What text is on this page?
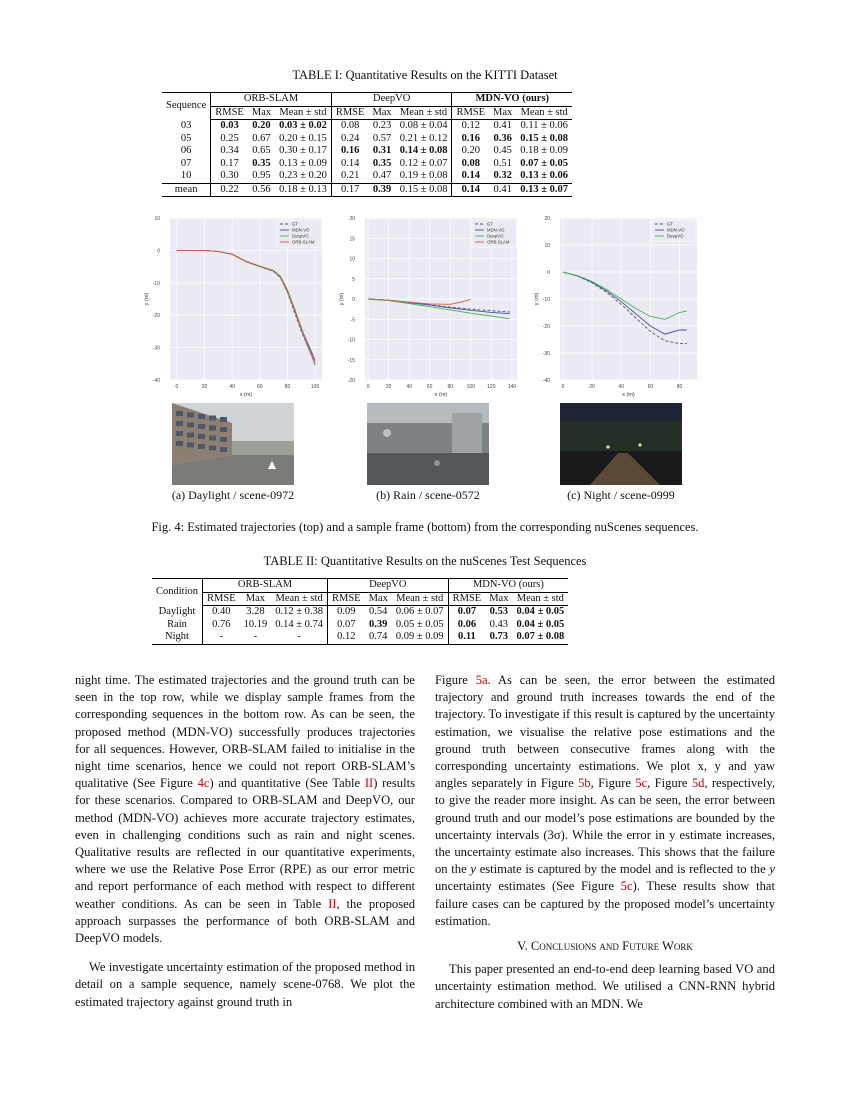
TABLE I: Quantitative Results on the KITTI Dataset
Sequence	ORB-SLAM			DeepVO			MDN-VO (ours)		
	RMSE	Max	Mean ± std	RMSE	Max	Mean ± std	RMSE	Max	Mean ± std
03	0.03	0.20	0.03 ± 0.02	0.08	0.23	0.08 ± 0.04	0.12	0.41	0.11 ± 0.06
05	0.25	0.67	0.20 ± 0.15	0.24	0.57	0.21 ± 0.12	0.16	0.36	0.15 ± 0.08
06	0.34	0.65	0.30 ± 0.17	0.16	0.31	0.14 ± 0.08	0.20	0.45	0.18 ± 0.09
07	0.17	0.35	0.13 ± 0.09	0.14	0.35	0.12 ± 0.07	0.08	0.51	0.07 ± 0.05
10	0.30	0.95	0.23 ± 0.20	0.21	0.47	0.19 ± 0.08	0.14	0.32	0.13 ± 0.06
mean	0.22	0.56	0.18 ± 0.13	0.17	0.39	0.15 ± 0.08	0.14	0.41	0.13 ± 0.07
0	20	40	60	80	100
10
0
-10
-20
-30
-40
x (m)
y (m)
GT
MDN-VO
DeepVO
ORB-SLAM
0	20	40	60	80	100 120 140
20
15
10
5
0
-5
-10
-15
-20
x (m)
y (m)
GT
MDN-VO
DeepVO
ORB-SLAM
0	20	40	60	80
20
10
0
-10
-20
-30
-40
x (m)
y (m)
GT
MDN-VO
DeepVO
(a) Daylight / scene-0972	(b) Rain / scene-0572	(c) Night / scene-0999
Fig. 4: Estimated trajectories (top) and a sample frame (bottom) from the corresponding nuScenes sequences.
TABLE II: Quantitative Results on the nuScenes Test Sequences
Condition	ORB-SLAM			DeepVO			MDN-VO (ours)		
	RMSE	Max	Mean ± std	RMSE	Max	Mean ± std	RMSE	Max	Mean ± std
Daylight	0.40	3.28	0.12 ± 0.38	0.09	0.54	0.06 ± 0.07	0.07	0.53	0.04 ± 0.05
Rain	0.76	10.19	0.14 ± 0.74	0.07	0.39	0.05 ± 0.05	0.06	0.43	0.04 ± 0.05
Night	-	-	-	0.12	0.74	0.09 ± 0.09	0.11	0.73	0.07 ± 0.08

night time. The estimated trajectories and the ground truth can be seen in the top row, while we display sample frames from the corresponding sequences in the bottom row. As can be seen, the proposed method (MDN-VO) successfully produces trajectories for all sequences. However, ORB-SLAM failed to initialise in the night time scenarios, hence we could not report ORB-SLAM’s qualitative (See Figure 4c) and quantitative (See Table II) results for these scenarios. Compared to ORB-SLAM and DeepVO, our method (MDN-VO) achieves more accurate trajectory estimates, even in challenging conditions such as rain and night scenes. Qualitative results are reflected in our quantitative experiments, where we use the Relative Pose Error (RPE) as our error metric and report performance of each method with respect to different weather conditions. As can be seen in Table II, the proposed approach surpasses the performance of both ORB-SLAM and DeepVO models.

We investigate uncertainty estimation of the proposed method in detail on a sample sequence, namely scene-0768. We plot the estimated trajectory against ground truth in

Figure 5a. As can be seen, the error between the estimated trajectory and ground truth increases towards the end of the trajectory. To investigate if this result is captured by the uncertainty estimation, we visualise the relative pose estimations and the ground truth between consecutive frames along with the corresponding uncertainty estimations. We plot x, y and yaw angles separately in Figure 5b, Figure 5c, Figure 5d, respectively, to give the reader more insight. As can be seen, the error between ground truth and our model’s pose estimations are bounded by the uncertainty intervals (3σ). While the error in y estimate increases, the uncertainty estimate also increases. This shows that the failure on the y estimate is captured by the model and is reflected to the y uncertainty estimates (See Figure 5c). These results show that failure cases can be captured by the proposed model’s uncertainty estimation.

V. Conclusions and Future Work

This paper presented an end-to-end deep learning based VO and uncertainty estimation method. We utilised a CNN-RNN hybrid architecture combined with an MDN. We
